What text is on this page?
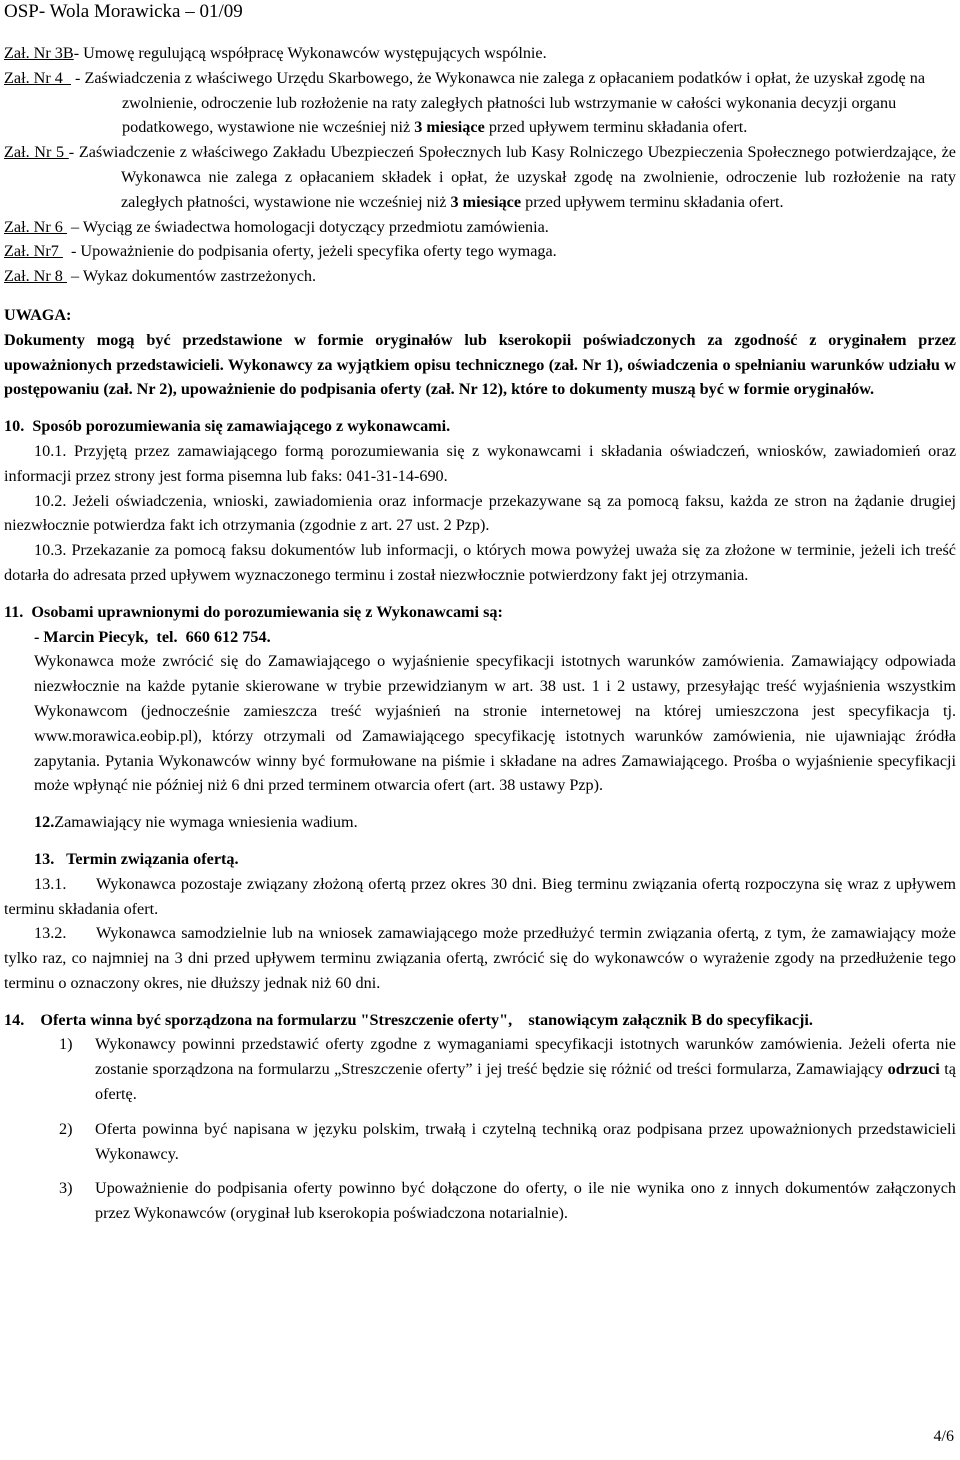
OSP- Wola Morawicka – 01/09

Zał. Nr 3B- Umowę regulującą współpracę Wykonawców występujących wspólnie.

Zał. Nr 4   - Zaświadczenia z właściwego Urzędu Skarbowego, że Wykonawca nie zalega z opłacaniem podatków i opłat, że uzyskał zgodę na zwolnienie, odroczenie lub rozłożenie na raty zaległych płatności lub wstrzymanie w całości wykonania decyzji organu podatkowego, wystawione nie wcześniej niż 3 miesiące przed upływem terminu składania ofert.

Zał. Nr 5 - Zaświadczenie z właściwego Zakładu Ubezpieczeń Społecznych lub Kasy Rolniczego Ubezpieczenia Społecznego potwierdzające, że Wykonawca nie zalega z opłacaniem składek i opłat, że uzyskał zgodę na zwolnienie, odroczenie lub rozłożenie na raty zaległych płatności, wystawione nie wcześniej niż 3 miesiące przed upływem terminu składania ofert.

Zał. Nr 6  – Wyciąg ze świadectwa homologacji dotyczący przedmiotu zamówienia.

Zał. Nr7   - Upoważnienie do podpisania oferty, jeżeli specyfika oferty tego wymaga.

Zał. Nr 8  – Wykaz dokumentów zastrzeżonych.

UWAGA:

Dokumenty mogą być przedstawione w formie oryginałów lub kserokopii poświadczonych za zgodność z oryginałem przez upoważnionych przedstawicieli. Wykonawcy za wyjątkiem opisu technicznego (zał. Nr 1), oświadczenia o spełnianiu warunków udziału w postępowaniu (zał. Nr 2), upoważnienie do podpisania oferty (zał. Nr 12), które to dokumenty muszą być w formie oryginałów.

10.  Sposób porozumiewania się zamawiającego z wykonawcami.

10.1. Przyjętą przez zamawiającego formą porozumiewania się z wykonawcami i składania oświadczeń, wniosków, zawiadomień oraz informacji przez strony jest forma pisemna lub faks: 041-31-14-690.

10.2. Jeżeli oświadczenia, wnioski, zawiadomienia oraz informacje przekazywane są za pomocą faksu, każda ze stron na żądanie drugiej niezwłocznie potwierdza fakt ich otrzymania (zgodnie z art. 27 ust. 2 Pzp).

10.3. Przekazanie za pomocą faksu dokumentów lub informacji, o których mowa powyżej uważa się za złożone w terminie, jeżeli ich treść dotarła do adresata przed upływem wyznaczonego terminu i został niezwłocznie potwierdzony fakt jej otrzymania.

11.  Osobami uprawnionymi do porozumiewania się z Wykonawcami są:

- Marcin Piecyk,  tel.  660 612 754.

Wykonawca może zwrócić się do Zamawiającego o wyjaśnienie specyfikacji istotnych warunków zamówienia. Zamawiający odpowiada niezwłocznie na każde pytanie skierowane w trybie przewidzianym w art. 38 ust. 1 i 2 ustawy, przesyłając treść wyjaśnienia wszystkim Wykonawcom (jednocześnie zamieszcza treść wyjaśnień na stronie internetowej na której umieszczona jest specyfikacja tj. www.morawica.eobip.pl), którzy otrzymali od Zamawiającego specyfikację istotnych warunków zamówienia, nie ujawniając źródła zapytania. Pytania Wykonawców winny być formułowane na piśmie i składane na adres Zamawiającego. Prośba o wyjaśnienie specyfikacji może wpłynąć nie później niż 6 dni przed terminem otwarcia ofert (art. 38 ustawy Pzp).

12.Zamawiający nie wymaga wniesienia wadium.

13.   Termin związania ofertą.

13.1. Wykonawca pozostaje związany złożoną ofertą przez okres 30 dni. Bieg terminu związania ofertą rozpoczyna się wraz z upływem terminu składania ofert.

13.2. Wykonawca samodzielnie lub na wniosek zamawiającego może przedłużyć termin związania ofertą, z tym, że zamawiający może tylko raz, co najmniej na 3 dni przed upływem terminu związania ofertą, zwrócić się do wykonawców o wyrażenie zgody na przedłużenie tego terminu o oznaczony okres, nie dłuższy jednak niż 60 dni.

14.    Oferta winna być sporządzona na formularzu "Streszczenie oferty",    stanowiącym załącznik B do specyfikacji.

1) Wykonawcy powinni przedstawić oferty zgodne z wymaganiami specyfikacji istotnych warunków zamówienia. Jeżeli oferta nie zostanie sporządzona na formularzu „Streszczenie oferty” i jej treść będzie się różnić od treści formularza, Zamawiający odrzuci tą ofertę.

2) Oferta powinna być napisana w języku polskim, trwałą i czytelną techniką oraz podpisana przez upoważnionych przedstawicieli Wykonawcy.

3) Upoważnienie do podpisania oferty powinno być dołączone do oferty, o ile nie wynika ono z innych dokumentów załączonych przez Wykonawców (oryginał lub kserokopia poświadczona notarialnie).

4/6
